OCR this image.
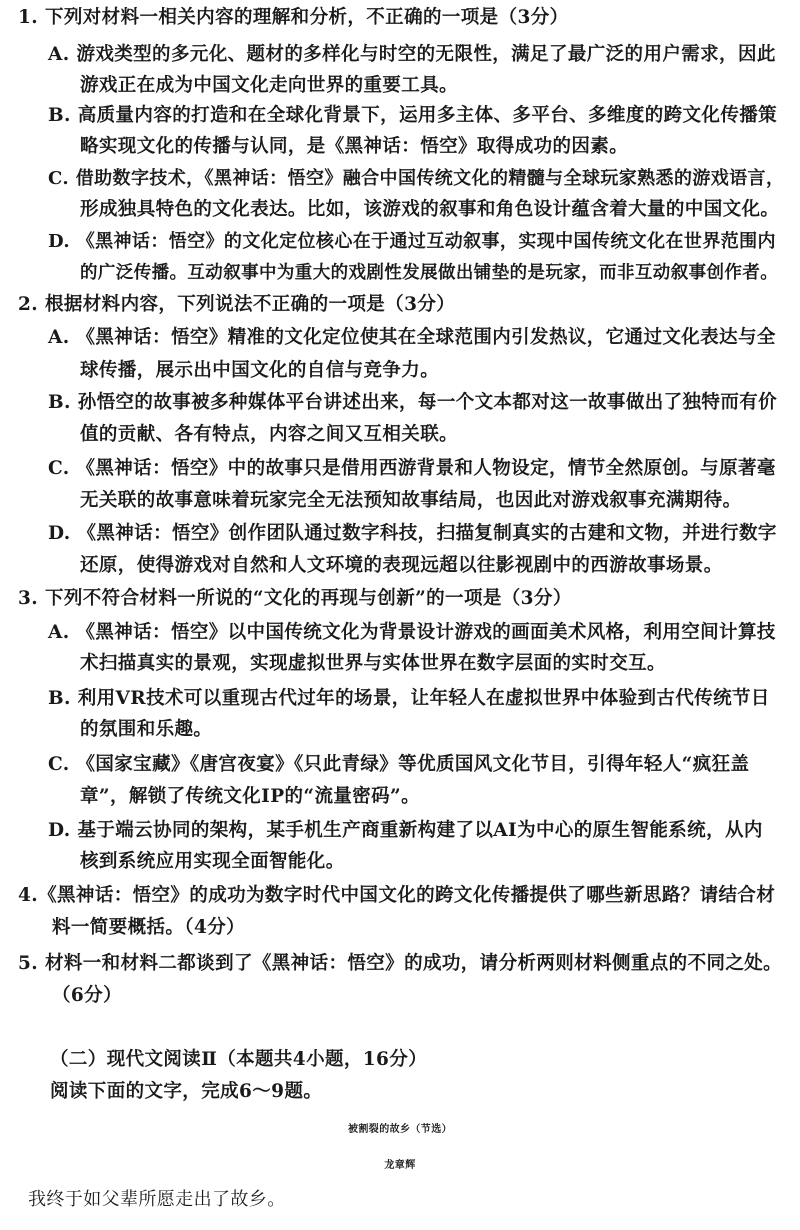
1. 下列对材料一相关内容的理解和分析，不正确的一项是（3分）
A. 游戏类型的多元化、题材的多样化与时空的无限性，满足了最广泛的用户需求，因此
游戏正在成为中国文化走向世界的重要工具。
B. 高质量内容的打造和在全球化背景下，运用多主体、多平台、多维度的跨文化传播策
略实现文化的传播与认同，是《黑神话：悟空》取得成功的因素。
C. 借助数字技术，《黑神话：悟空》融合中国传统文化的精髓与全球玩家熟悉的游戏语言，
形成独具特色的文化表达。比如，该游戏的叙事和角色设计蕴含着大量的中国文化。
D. 《黑神话：悟空》的文化定位核心在于通过互动叙事，实现中国传统文化在世界范围内
的广泛传播。互动叙事中为重大的戏剧性发展做出铺垫的是玩家，而非互动叙事创作者。
2. 根据材料内容，下列说法不正确的一项是（3分）
A. 《黑神话：悟空》精准的文化定位使其在全球范围内引发热议，它通过文化表达与全
球传播，展示出中国文化的自信与竞争力。
B. 孙悟空的故事被多种媒体平台讲述出来，每一个文本都对这一故事做出了独特而有价
值的贡献、各有特点，内容之间又互相关联。
C. 《黑神话：悟空》中的故事只是借用西游背景和人物设定，情节全然原创。与原著毫
无关联的故事意味着玩家完全无法预知故事结局，也因此对游戏叙事充满期待。
D. 《黑神话：悟空》创作团队通过数字科技，扫描复制真实的古建和文物，并进行数字
还原，使得游戏对自然和人文环境的表现远超以往影视剧中的西游故事场景。
3. 下列不符合材料一所说的“文化的再现与创新”的一项是（3分）
A. 《黑神话：悟空》以中国传统文化为背景设计游戏的画面美术风格，利用空间计算技
术扫描真实的景观，实现虚拟世界与实体世界在数字层面的实时交互。
B. 利用VR技术可以重现古代过年的场景，让年轻人在虚拟世界中体验到古代传统节日
的氛围和乐趣。
C. 《国家宝藏》《唐宫夜宴》《只此青绿》等优质国风文化节目，引得年轻人“疯狂盖
章”，解锁了传统文化IP的“流量密码”。
D. 基于端云协同的架构，某手机生产商重新构建了以AI为中心的原生智能系统，从内
核到系统应用实现全面智能化。
4.《黑神话：悟空》的成功为数字时代中国文化的跨文化传播提供了哪些新思路？请结合材
料一简要概括。（4分）
5. 材料一和材料二都谈到了《黑神话：悟空》的成功，请分析两则材料侧重点的不同之处。
（6分）
（二）现代文阅读Ⅱ（本题共4小题，16分）
阅读下面的文字，完成6～9题。
被割裂的故乡（节选）
龙章辉
我终于如父辈所愿走出了故乡。
